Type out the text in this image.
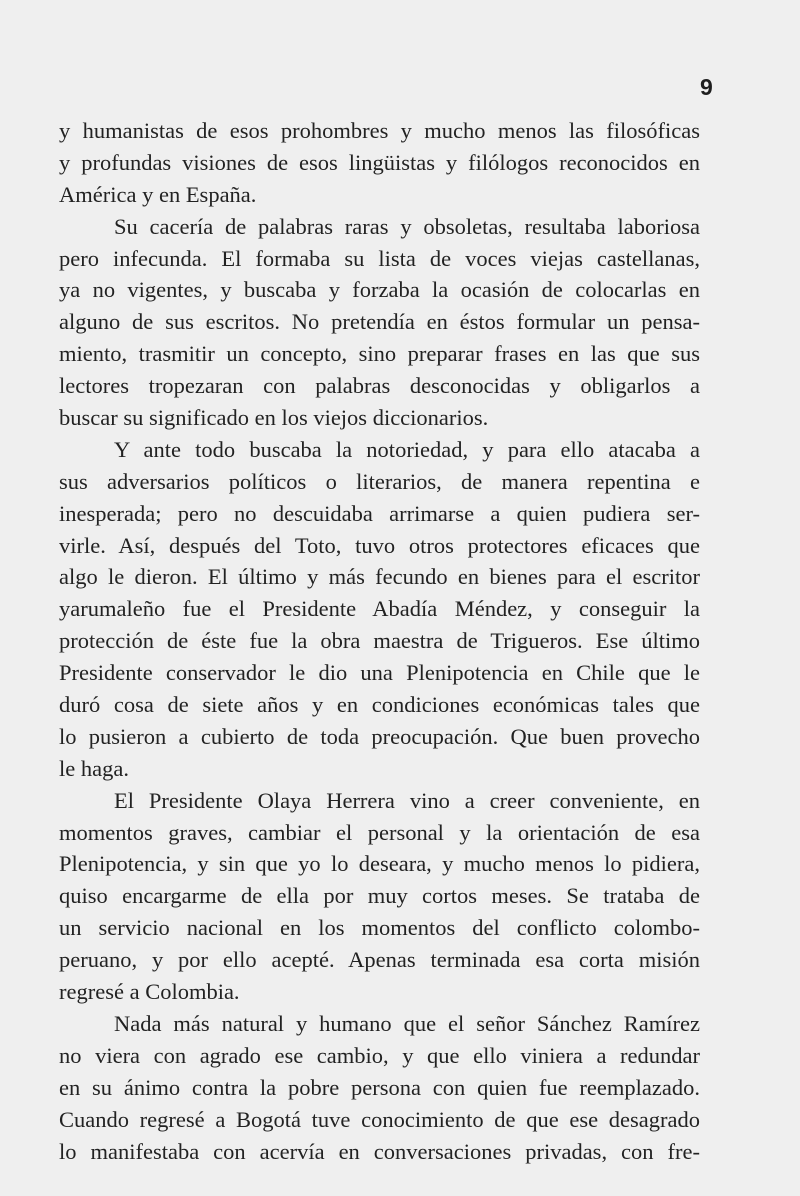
9
y humanistas de esos prohombres y mucho menos las filosóficas
y profundas visiones de esos lingüistas y filólogos reconocidos en
América y en España.
Su cacería de palabras raras y obsoletas, resultaba laboriosa
pero infecunda. El formaba su lista de voces viejas castellanas,
ya no vigentes, y buscaba y forzaba la ocasión de colocarlas en
alguno de sus escritos. No pretendía en éstos formular un pensa-
miento, trasmitir un concepto, sino preparar frases en las que sus
lectores tropezaran con palabras desconocidas y obligarlos a
buscar su significado en los viejos diccionarios.
Y ante todo buscaba la notoriedad, y para ello atacaba a
sus adversarios políticos o literarios, de manera repentina e
inesperada; pero no descuidaba arrimarse a quien pudiera ser-
virle. Así, después del Toto, tuvo otros protectores eficaces que
algo le dieron. El último y más fecundo en bienes para el escritor
yarumaleño fue el Presidente Abadía Méndez, y conseguir la
protección de éste fue la obra maestra de Trigueros. Ese último
Presidente conservador le dio una Plenipotencia en Chile que le
duró cosa de siete años y en condiciones económicas tales que
lo pusieron a cubierto de toda preocupación. Que buen provecho
le haga.
El Presidente Olaya Herrera vino a creer conveniente, en
momentos graves, cambiar el personal y la orientación de esa
Plenipotencia, y sin que yo lo deseara, y mucho menos lo pidiera,
quiso encargarme de ella por muy cortos meses. Se trataba de
un servicio nacional en los momentos del conflicto colombo-
peruano, y por ello acepté. Apenas terminada esa corta misión
regresé a Colombia.
Nada más natural y humano que el señor Sánchez Ramírez
no viera con agrado ese cambio, y que ello viniera a redundar
en su ánimo contra la pobre persona con quien fue reemplazado.
Cuando regresé a Bogotá tuve conocimiento de que ese desagrado
lo manifestaba con acervía en conversaciones privadas, con fre-
